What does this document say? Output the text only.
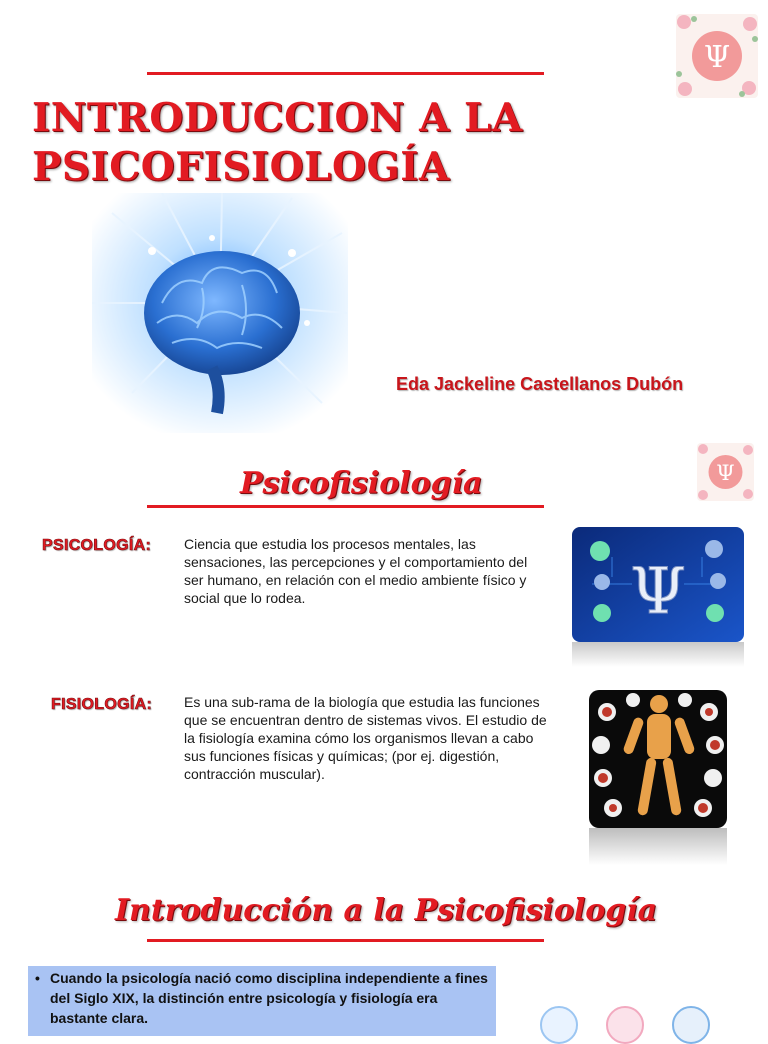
INTRODUCCION A LA PSICOFISIOLOGÍA
Eda Jackeline Castellanos Dubón
Ψ
Psicofisiología	Ψ
PSICOLOGÍA: Ciencia que estudia los procesos mentales, las sensaciones, las percepciones y el comportamiento del ser humano, en relación con el medio ambiente físico y social que lo rodea.	Ψ
FISIOLOGÍA: Es una sub-rama de la biología que estudia las funciones que se encuentran dentro de sistemas vivos. El estudio de la fisiología examina cómo los organismos llevan a cabo sus funciones físicas y químicas; (por ej. digestión, contracción muscular).

Introducción a la Psicofisiología
• Cuando la psicología nació como disciplina independiente a fines del Siglo XIX, la distinción entre psicología y fisiología era bastante clara.
